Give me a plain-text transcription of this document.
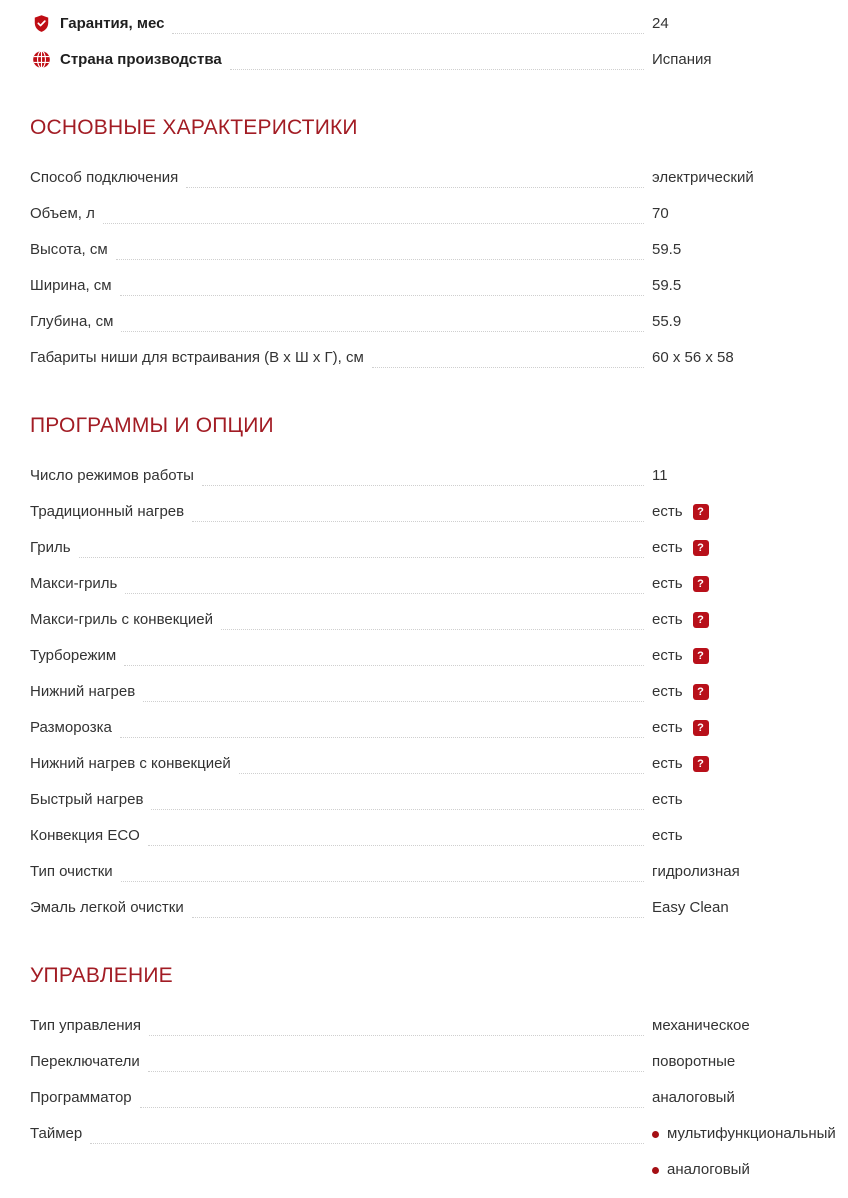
Гарантия, мес	24
Страна производства	Испания
ОСНОВНЫЕ ХАРАКТЕРИСТИКИ
Способ подключения	электрический
Объем, л	70
Высота, см	59.5
Ширина, см	59.5
Глубина, см	55.9
Габариты ниши для встраивания (В х Ш х Г), см	60 x 56 x 58
ПРОГРАММЫ И ОПЦИИ
Число режимов работы	11
Традиционный нагрев	есть	?
Гриль	есть	?
Макси-гриль	есть	?
Макси-гриль с конвекцией	есть	?
Турборежим	есть	?
Нижний нагрев	есть	?
Разморозка	есть	?
Нижний нагрев с конвекцией	есть	?
Быстрый нагрев	есть
Конвекция ECO	есть
Тип очистки	гидролизная
Эмаль легкой очистки	Easy Clean
УПРАВЛЕНИЕ
Тип управления	механическое
Переключатели	поворотные
Программатор	аналоговый
Таймер	мультифункциональный
аналоговый
